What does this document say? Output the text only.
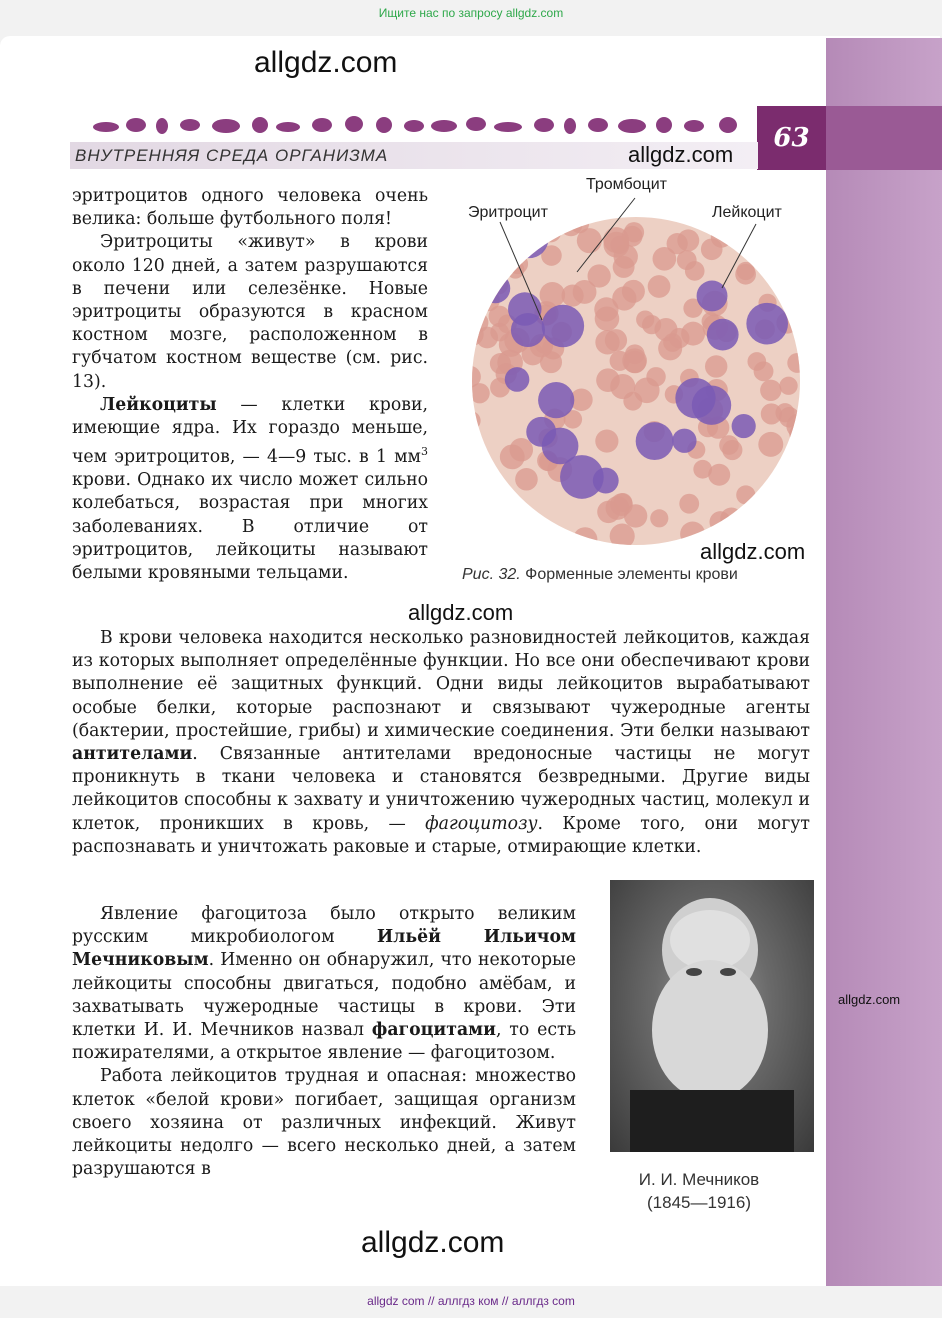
Ищите нас по запросу allgdz.com
63
allgdz.com
ВНУТРЕННЯЯ СРЕДА ОРГАНИЗМА	allgdz.com

эритроцитов одного человека очень велика: больше футбольного поля!

Эритроциты «живут» в крови около 120 дней, а затем разрушаются в печени или селезёнке. Новые эритроциты образуются в красном костном мозге, расположенном в губчатом костном веществе (см. рис. 13).

Лейкоциты — клетки крови, имеющие ядра. Их гораздо меньше, чем эритроцитов, — 4—9 тыс. в 1 $мм^3$ крови. Однако их число может сильно колебаться, возрастая при многих заболеваниях. В отличие от эритроцитов, лейкоциты называют белыми кровяными тельцами.

Эритроцит
Тромбоцит
Лейкоцит
allgdz.com
Рис. 32. Форменные элементы крови
allgdz.com

В крови человека находится несколько разновидностей лейкоцитов, каждая из которых выполняет определённые функции. Но все они обеспечивают крови выполнение её защитных функций. Одни виды лейкоцитов вырабатывают особые белки, которые распознают и связывают чужеродные агенты (бактерии, простейшие, грибы) и химические соединения. Эти белки называют антителами. Связанные антителами вредоносные частицы не могут проникнуть в ткани человека и становятся безвредными. Другие виды лейкоцитов способны к захвату и уничтожению чужеродных частиц, молекул и клеток, проникших в кровь, — фагоцитозу. Кроме того, они могут распознавать и уничтожать раковые и старые, отмирающие клетки.

Явление фагоцитоза было открыто великим русским микробиологом Ильёй Ильичом Мечниковым. Именно он обнаружил, что некоторые лейкоциты способны двигаться, подобно амёбам, и захватывать чужеродные частицы в крови. Эти клетки И. И. Мечников назвал фагоцитами, то есть пожирателями, а открытое явление — фагоцитозом.

Работа лейкоцитов трудная и опасная: множество клеток «белой крови» погибает, защищая организм своего хозяина от различных инфекций. Живут лейкоциты недолго — всего несколько дней, а затем разрушаются в

И. И. Мечников
(1845—1916)
allgdz.com
allgdz.com
allgdz com // аллгдз ком // аллгдз com
